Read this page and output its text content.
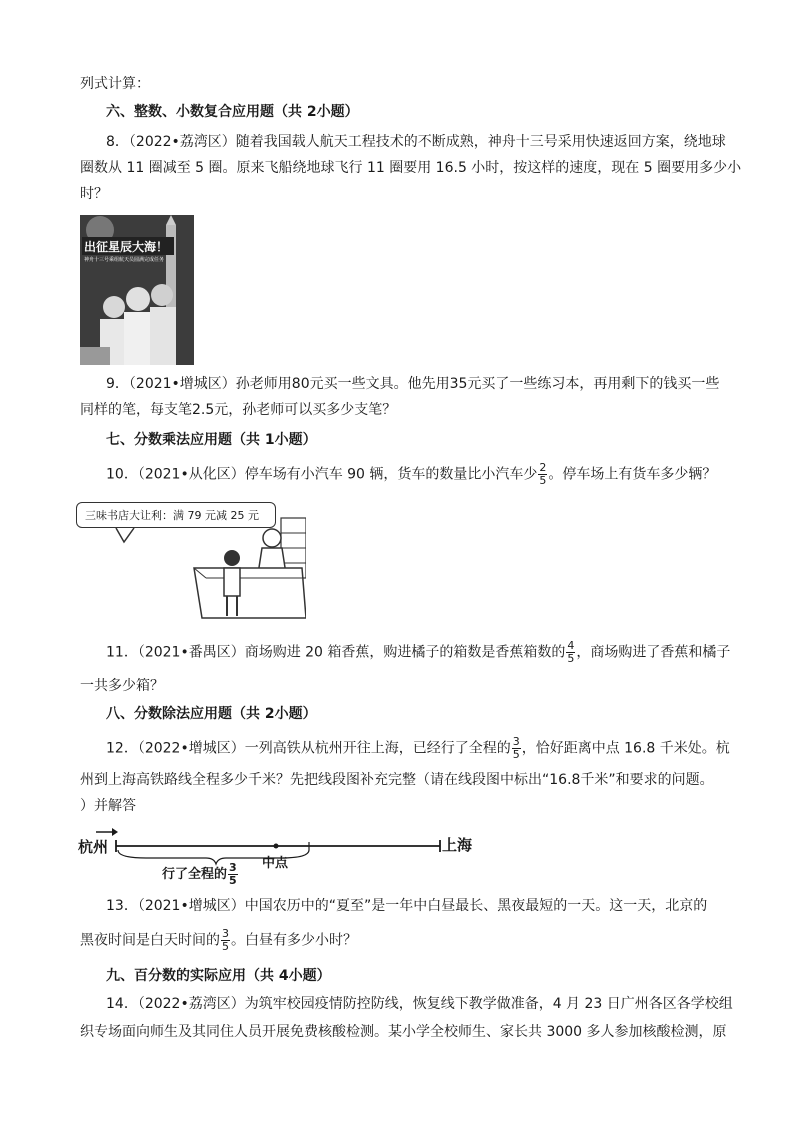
列式计算：
六、整数、小数复合应用题（共 2小题）
8．（2022•荔湾区）随着我国载人航天工程技术的不断成熟，神舟十三号采用快速返回方案，绕地球
圈数从 11 圈减至 5 圈。原来飞船绕地球飞行 11 圈要用 16.5 小时，按这样的速度，现在 5 圈要用多少小
时？
出征星辰大海！
神舟十三号乘组航天员圆满完成任务
9．（2021•增城区）孙老师用80元买一些文具。他先用35元买了一些练习本，再用剩下的钱买一些
同样的笔，每支笔2.5元，孙老师可以买多少支笔？
七、分数乘法应用题（共 1小题）
10．（2021•从化区）停车场有小汽车 90 辆，货车的数量比小汽车少 $\frac{2}{5}$ 。停车场上有货车多少辆？
三味书店大让利：满 79 元减 25 元
11．（2021•番禺区）商场购进 20 箱香蕉，购进橘子的箱数是香蕉箱数的 $\frac{4}{5}$ ，商场购进了香蕉和橘子
一共多少箱？
八、分数除法应用题（共 2小题）
12．（2022•增城区）一列高铁从杭州开往上海，已经行了全程的 $\frac{3}{5}$ ，恰好距离中点 16.8 千米处。杭
州到上海高铁路线全程多少千米？先把线段图补充完整（请在线段图中标出“16.8千米”和要求的问题。
）并解答
杭州	上海
中点
行了全程的 $\frac{3}{5}$
13．（2021•增城区）中国农历中的“夏至”是一年中白昼最长、黑夜最短的一天。这一天，北京的
黑夜时间是白天时间的 $\frac{3}{5}$ 。白昼有多少小时？
九、百分数的实际应用（共 4小题）
14．（2022•荔湾区）为筑牢校园疫情防控防线，恢复线下教学做准备，4 月 23 日广州各区各学校组
织专场面向师生及其同住人员开展免费核酸检测。某小学全校师生、家长共 3000 多人参加核酸检测，原
